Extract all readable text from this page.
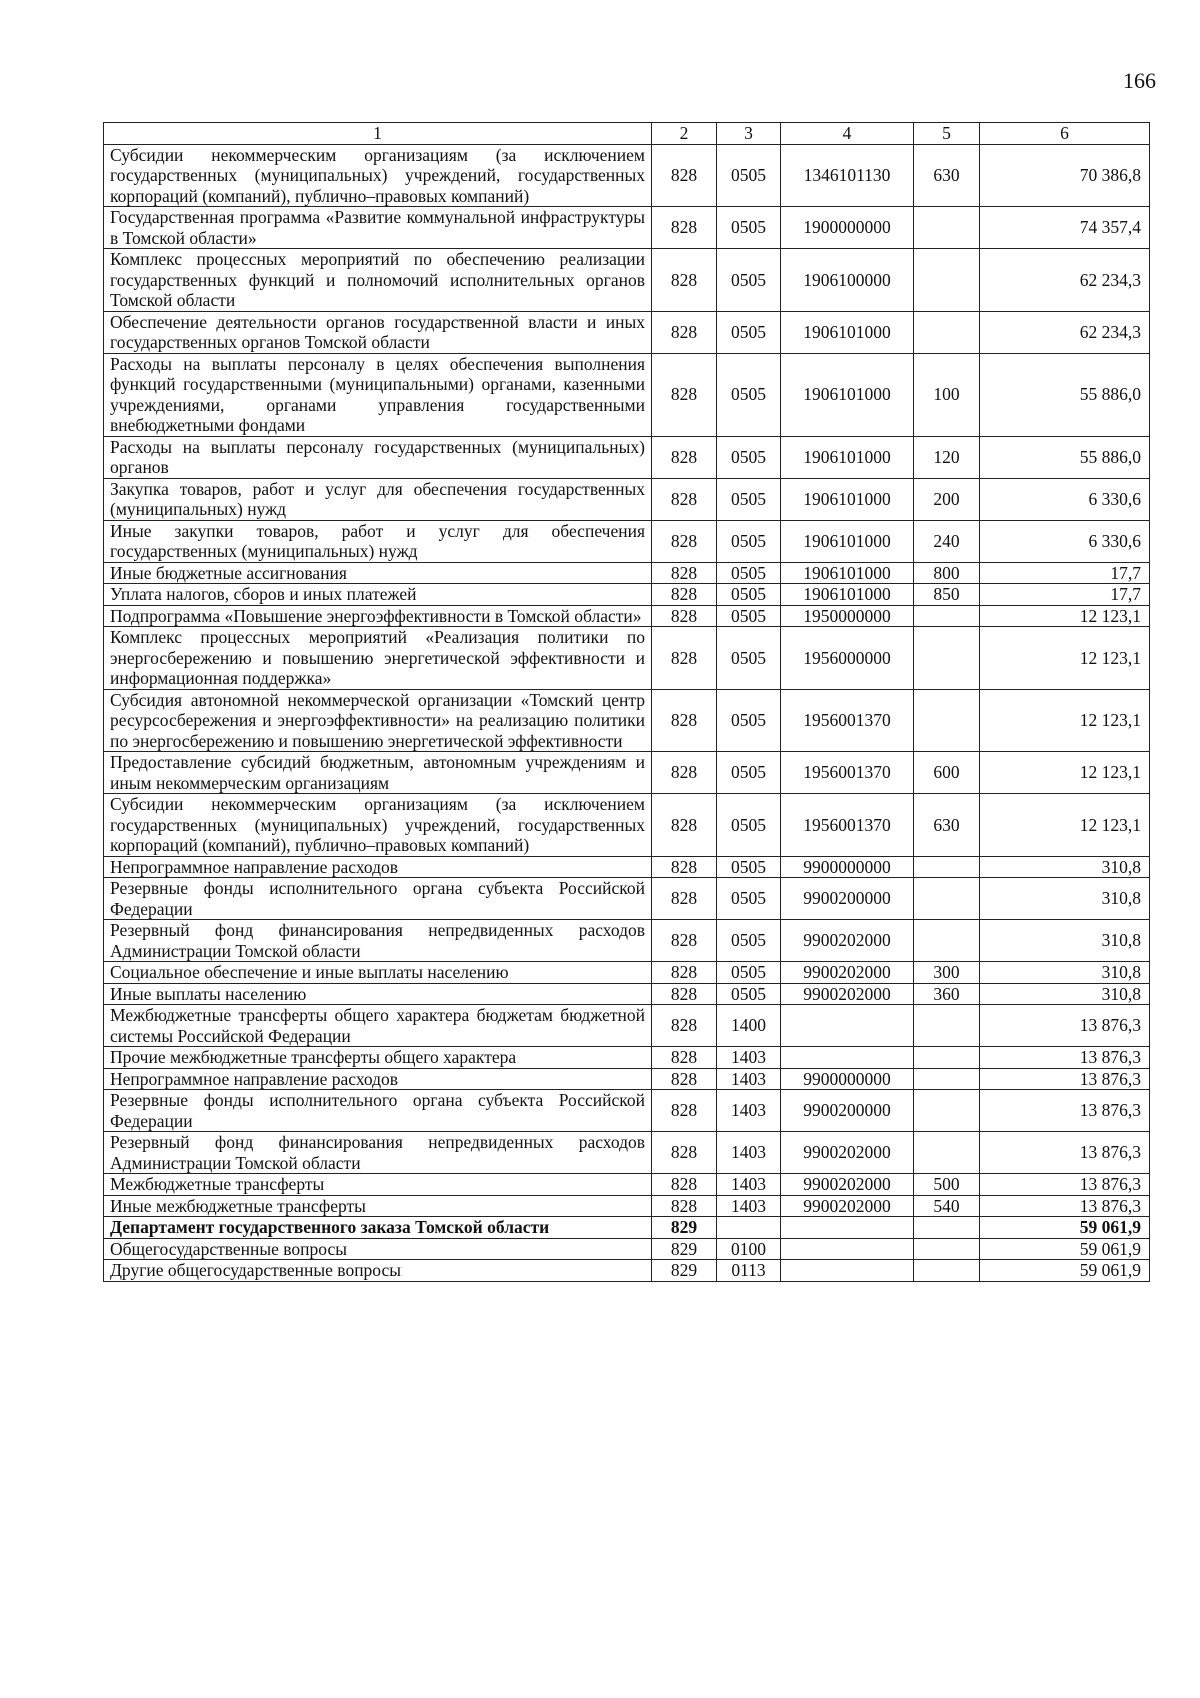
166
1	2	3	4	5	6
Субсидии некоммерческим организациям (за исключением государственных (муниципальных) учреждений, государственных корпораций (компаний), публично–правовых компаний)	828	0505	1346101130	630	70 386,8
Государственная программа «Развитие коммунальной инфраструктуры в Томской области»	828	0505	1900000000		74 357,4
Комплекс процессных мероприятий по обеспечению реализации государственных функций и полномочий исполнительных органов Томской области	828	0505	1906100000		62 234,3
Обеспечение деятельности органов государственной власти и иных государственных органов Томской области	828	0505	1906101000		62 234,3
Расходы на выплаты персоналу в целях обеспечения выполнения функций государственными (муниципальными) органами, казенными учреждениями, органами управления государственными внебюджетными фондами	828	0505	1906101000	100	55 886,0
Расходы на выплаты персоналу государственных (муниципальных) органов	828	0505	1906101000	120	55 886,0
Закупка товаров, работ и услуг для обеспечения государственных (муниципальных) нужд	828	0505	1906101000	200	6 330,6
Иные закупки товаров, работ и услуг для обеспечения государственных (муниципальных) нужд	828	0505	1906101000	240	6 330,6
Иные бюджетные ассигнования	828	0505	1906101000	800	17,7
Уплата налогов, сборов и иных платежей	828	0505	1906101000	850	17,7
Подпрограмма «Повышение энергоэффективности в Томской области»	828	0505	1950000000		12 123,1
Комплекс процессных мероприятий «Реализация политики по энергосбережению и повышению энергетической эффективности и информационная поддержка»	828	0505	1956000000		12 123,1
Субсидия автономной некоммерческой организации «Томский центр ресурсосбережения и энергоэффективности» на реализацию политики по энергосбережению и повышению энергетической эффективности	828	0505	1956001370		12 123,1
Предоставление субсидий бюджетным, автономным учреждениям и иным некоммерческим организациям	828	0505	1956001370	600	12 123,1
Субсидии некоммерческим организациям (за исключением государственных (муниципальных) учреждений, государственных корпораций (компаний), публично–правовых компаний)	828	0505	1956001370	630	12 123,1
Непрограммное направление расходов	828	0505	9900000000		310,8
Резервные фонды исполнительного органа субъекта Российской Федерации	828	0505	9900200000		310,8
Резервный фонд финансирования непредвиденных расходов Администрации Томской области	828	0505	9900202000		310,8
Социальное обеспечение и иные выплаты населению	828	0505	9900202000	300	310,8
Иные выплаты населению	828	0505	9900202000	360	310,8
Межбюджетные трансферты общего характера бюджетам бюджетной системы Российской Федерации	828	1400			13 876,3
Прочие межбюджетные трансферты общего характера	828	1403			13 876,3
Непрограммное направление расходов	828	1403	9900000000		13 876,3
Резервные фонды исполнительного органа субъекта Российской Федерации	828	1403	9900200000		13 876,3
Резервный фонд финансирования непредвиденных расходов Администрации Томской области	828	1403	9900202000		13 876,3
Межбюджетные трансферты	828	1403	9900202000	500	13 876,3
Иные межбюджетные трансферты	828	1403	9900202000	540	13 876,3
Департамент государственного заказа Томской области	829				59 061,9
Общегосударственные вопросы	829	0100			59 061,9
Другие общегосударственные вопросы	829	0113			59 061,9
